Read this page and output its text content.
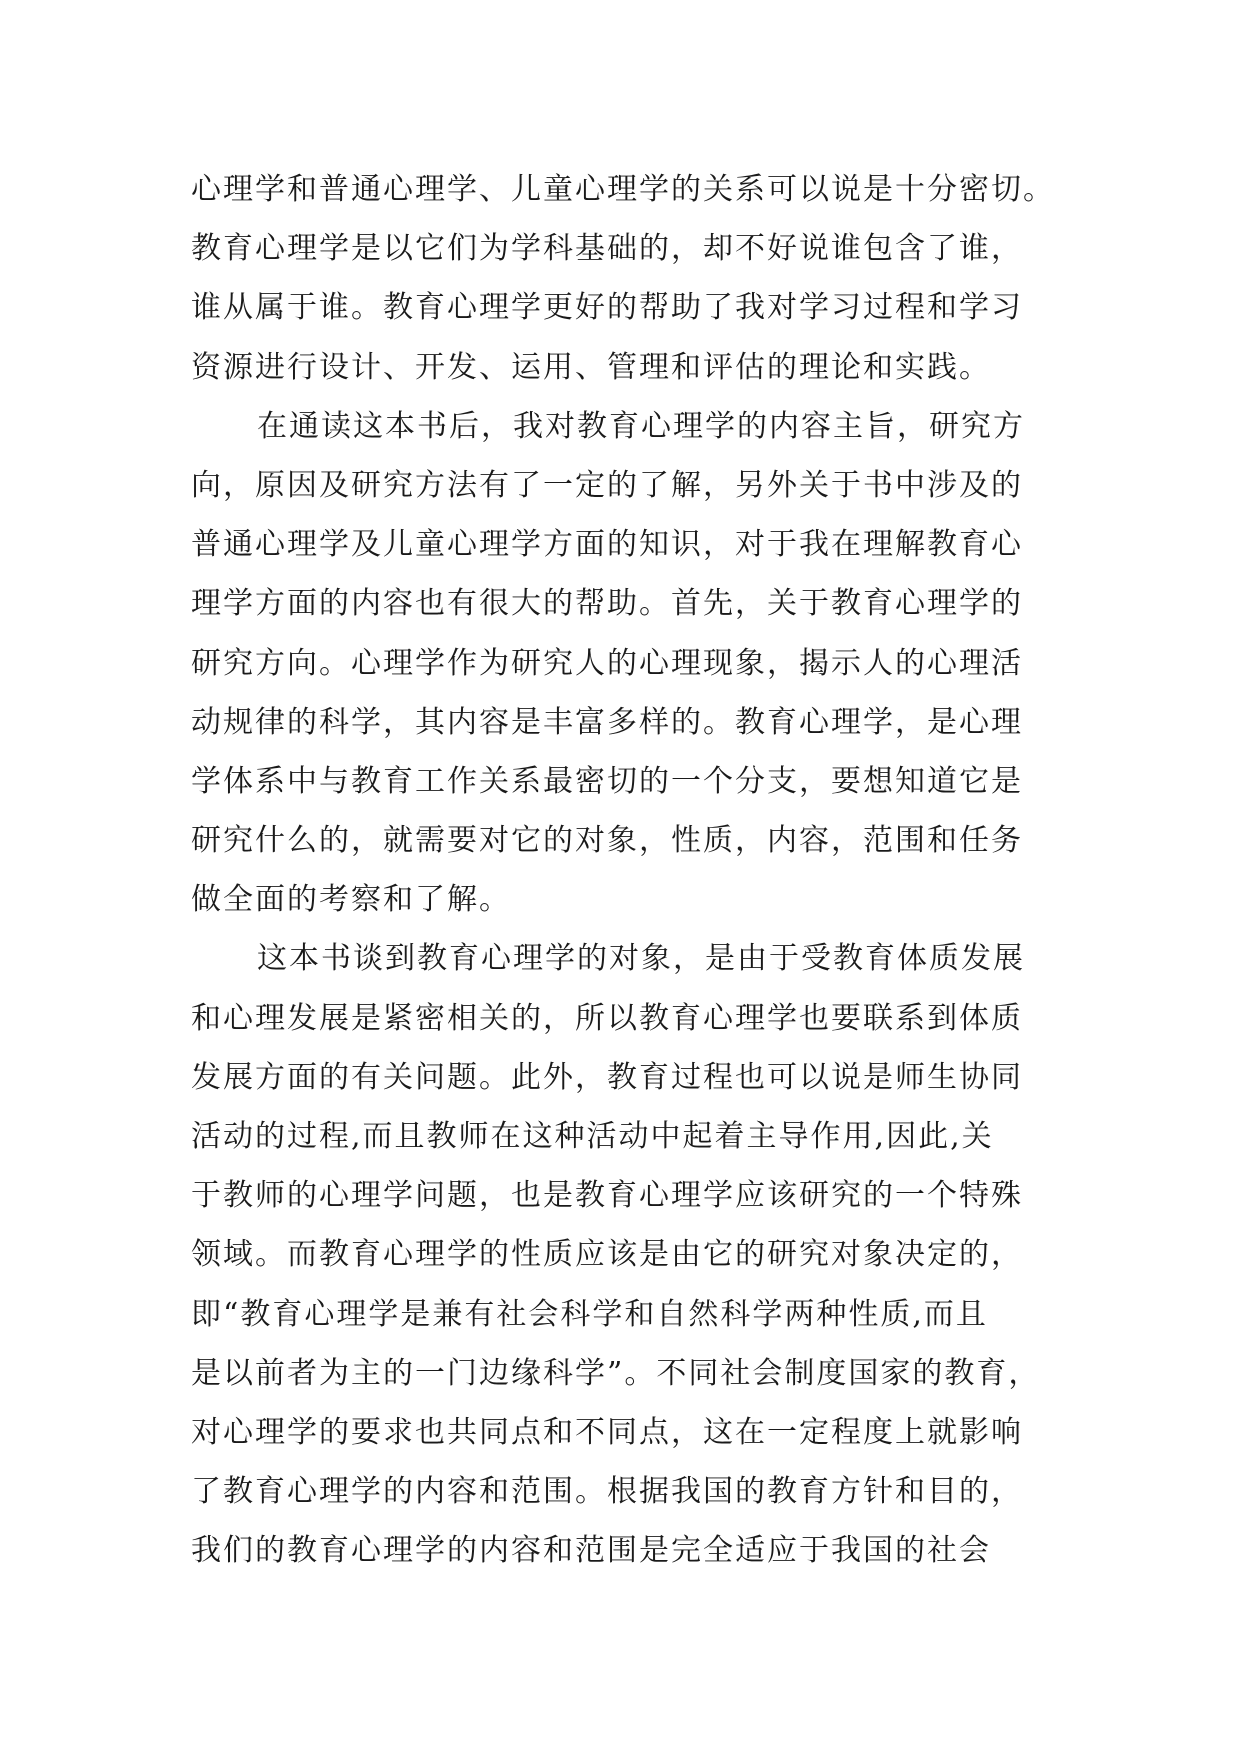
心理学和普通心理学、儿童心理学的关系可以说是十分密切。
教育心理学是以它们为学科基础的，却不好说谁包含了谁，
谁从属于谁。教育心理学更好的帮助了我对学习过程和学习
资源进行设计、开发、运用、管理和评估的理论和实践。
在通读这本书后，我对教育心理学的内容主旨，研究方
向，原因及研究方法有了一定的了解，另外关于书中涉及的
普通心理学及儿童心理学方面的知识，对于我在理解教育心
理学方面的内容也有很大的帮助。首先，关于教育心理学的
研究方向。心理学作为研究人的心理现象，揭示人的心理活
动规律的科学，其内容是丰富多样的。教育心理学，是心理
学体系中与教育工作关系最密切的一个分支，要想知道它是
研究什么的，就需要对它的对象，性质，内容，范围和任务
做全面的考察和了解。
这本书谈到教育心理学的对象，是由于受教育体质发展
和心理发展是紧密相关的，所以教育心理学也要联系到体质
发展方面的有关问题。此外，教育过程也可以说是师生协同
活动的过程,而且教师在这种活动中起着主导作用,因此,关
于教师的心理学问题，也是教育心理学应该研究的一个特殊
领域。而教育心理学的性质应该是由它的研究对象决定的，
即“教育心理学是兼有社会科学和自然科学两种性质,而且
是以前者为主的一门边缘科学”。不同社会制度国家的教育，
对心理学的要求也共同点和不同点，这在一定程度上就影响
了教育心理学的内容和范围。根据我国的教育方针和目的，
我们的教育心理学的内容和范围是完全适应于我国的社会
